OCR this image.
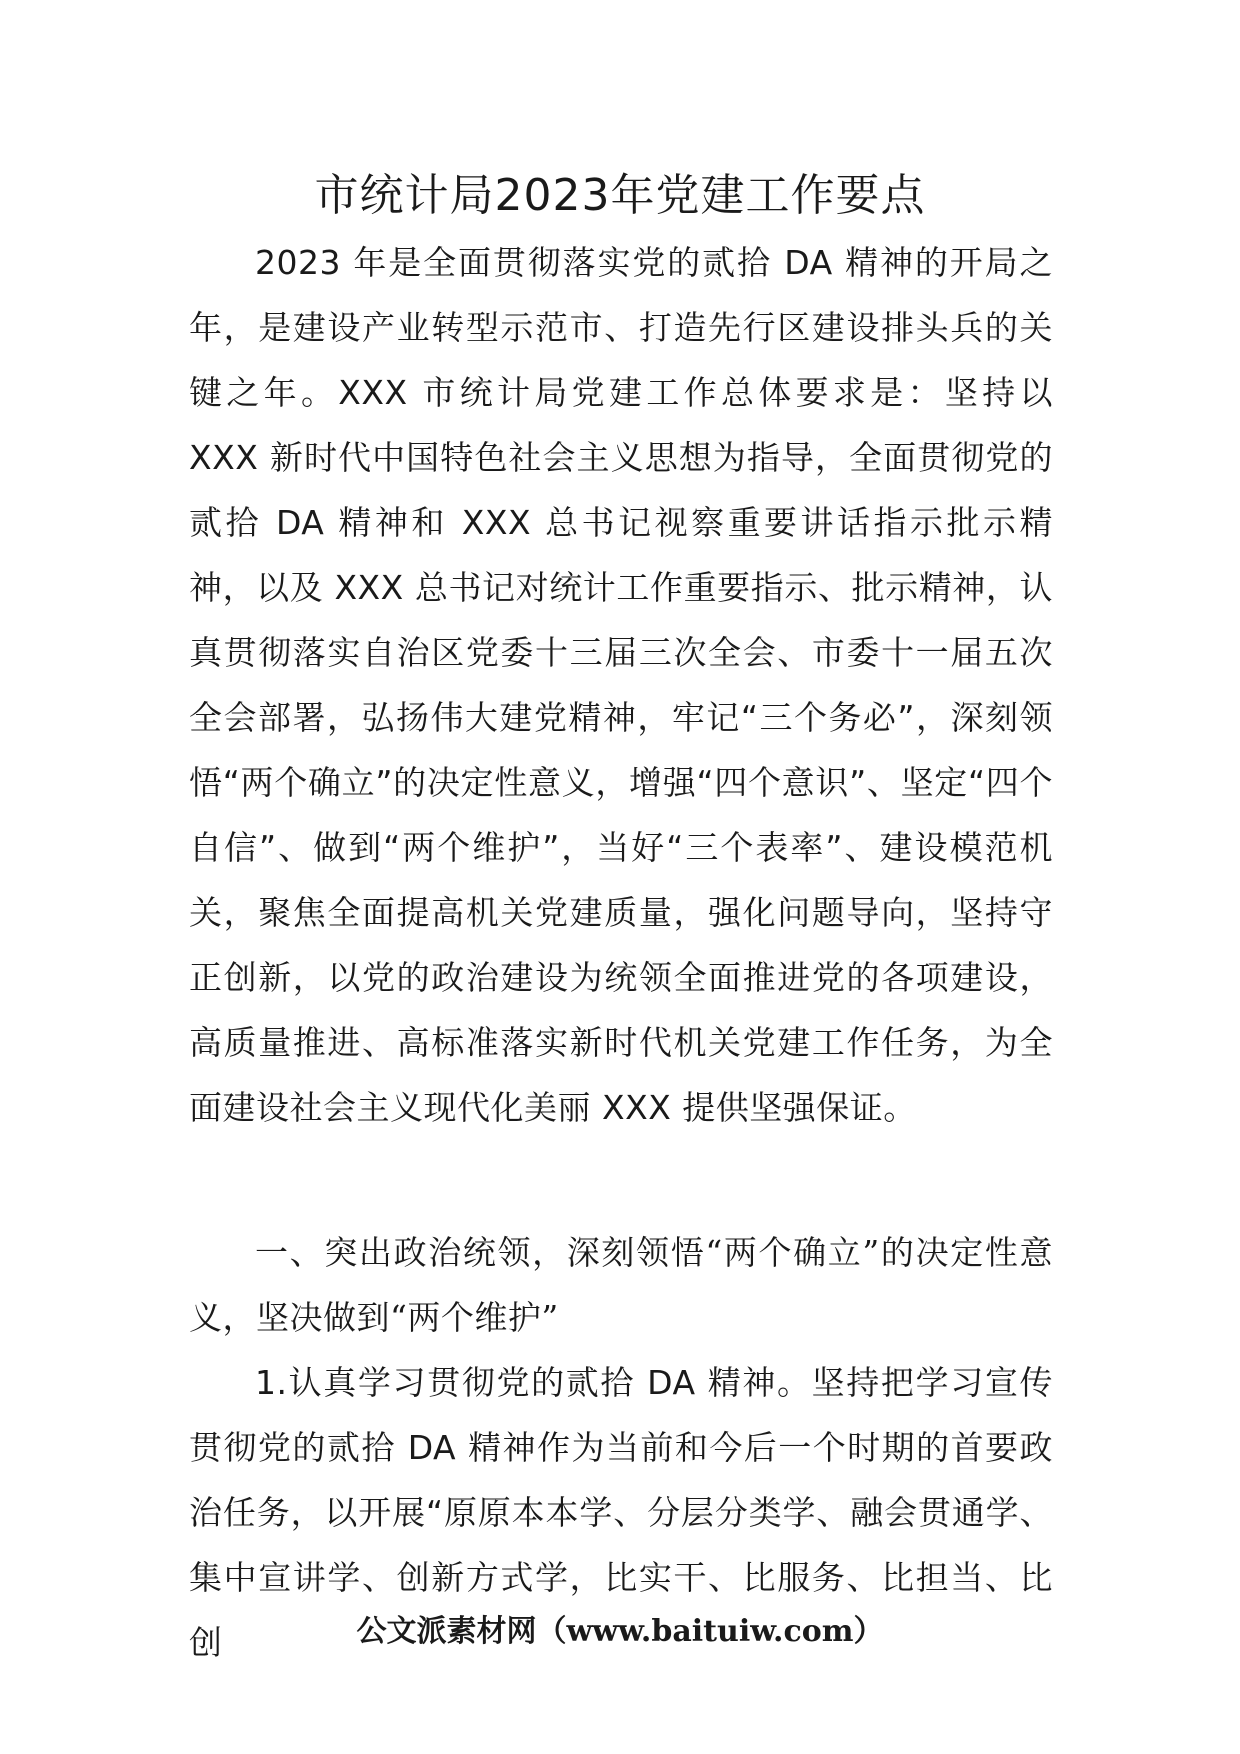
市统计局2023年党建工作要点

2023 年是全面贯彻落实党的贰拾 DA 精神的开局之年，是建设产业转型示范市、打造先行区建设排头兵的关键之年。XXX 市统计局党建工作总体要求是：坚持以 XXX 新时代中国特色社会主义思想为指导，全面贯彻党的贰拾 DA 精神和 XXX 总书记视察重要讲话指示批示精神，以及 XXX 总书记对统计工作重要指示、批示精神，认真贯彻落实自治区党委十三届三次全会、市委十一届五次全会部署，弘扬伟大建党精神，牢记“三个务必”，深刻领悟“两个确立”的决定性意义，增强“四个意识”、坚定“四个自信”、做到“两个维护”，当好“三个表率”、建设模范机关，聚焦全面提高机关党建质量，强化问题导向，坚持守正创新，以党的政治建设为统领全面推进党的各项建设，高质量推进、高标准落实新时代机关党建工作任务，为全面建设社会主义现代化美丽 XXX 提供坚强保证。

一、突出政治统领，深刻领悟“两个确立”的决定性意义，坚决做到“两个维护”

1.认真学习贯彻党的贰拾 DA 精神。坚持把学习宣传贯彻党的贰拾 DA 精神作为当前和今后一个时期的首要政治任务，以开展“原原本本学、分层分类学、融会贯通学、集中宣讲学、创新方式学，比实干、比服务、比担当、比创	公文派素材网（www.baituiw.com）
